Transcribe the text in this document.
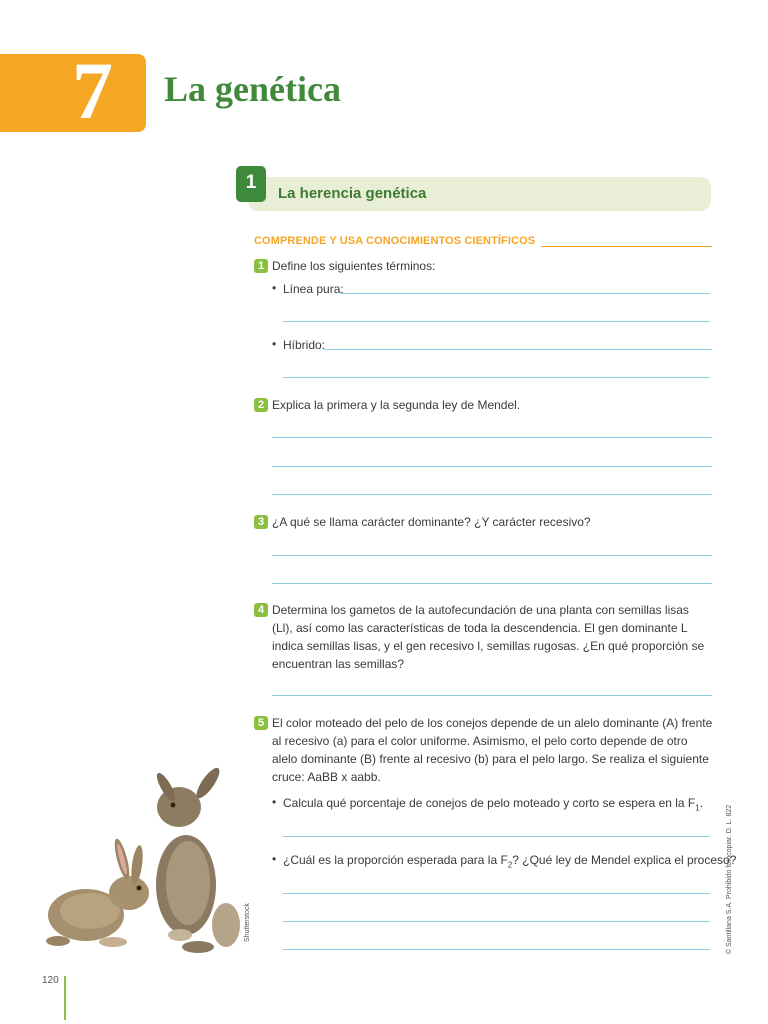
7	La genética
1
La herencia genética
COMPRENDE Y USA CONOCIMIENTOS CIENTÍFICOS
1 Define los siguientes términos:
• Línea pura:
• Híbrido:
2 Explica la primera y la segunda ley de Mendel.
3 ¿A qué se llama carácter dominante? ¿Y carácter recesivo?
4 Determina los gametos de la autofecundación de una planta con semillas lisas (Ll), así como las características de toda la descendencia. El gen dominante L indica semillas lisas, y el gen recesivo l, semillas rugosas. ¿En qué proporción se encuentran las semillas?
5 El color moteado del pelo de los conejos depende de un alelo dominante (A) frente al recesivo (a) para el color uniforme. Asimismo, el pelo corto depende de otro alelo dominante (B) frente al recesivo (b) para el pelo largo. Se realiza el siguiente cruce: AaBB x aabb.
• Calcula qué porcentaje de conejos de pelo moteado y corto se espera en la $F_1$.
• ¿Cuál es la proporción esperada para la $F_2$? ¿Qué ley de Mendel explica el proceso?
Shutterstock	© Santillana S.A. Prohibido fotocopiar. D. L. 822
120
